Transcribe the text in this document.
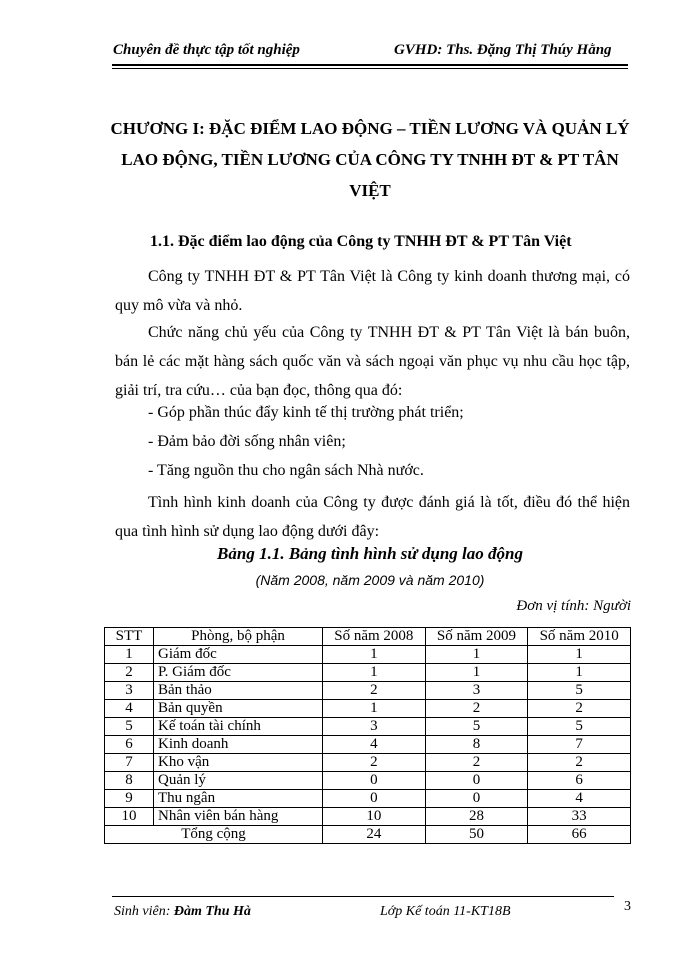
Chuyên đề thực tập tốt nghiệp	GVHD: Ths. Đặng Thị Thúy Hằng
CHƯƠNG I: ĐẶC ĐIỂM LAO ĐỘNG – TIỀN LƯƠNG VÀ QUẢN LÝ LAO ĐỘNG, TIỀN LƯƠNG CỦA CÔNG TY TNHH ĐT & PT TÂN VIỆT
1.1. Đặc điểm lao động của Công ty TNHH ĐT & PT Tân Việt

Công ty TNHH ĐT & PT Tân Việt là Công ty kinh doanh thương mại, có quy mô vừa và nhỏ.

Chức năng chủ yếu của Công ty TNHH ĐT & PT Tân Việt là bán buôn, bán lẻ các mặt hàng sách quốc văn và sách ngoại văn phục vụ nhu cầu học tập, giải trí, tra cứu… của bạn đọc, thông qua đó:

- Góp phần thúc đẩy kinh tế thị trường phát triển;
- Đảm bảo đời sống nhân viên;
- Tăng nguồn thu cho ngân sách Nhà nước.

Tình hình kinh doanh của Công ty được đánh giá là tốt, điều đó thể hiện qua tình hình sử dụng lao động dưới đây:

Bảng 1.1. Bảng tình hình sử dụng lao động
(Năm 2008, năm 2009 và năm 2010)
Đơn vị tính: Người
STT	Phòng, bộ phận	Số năm 2008	Số năm 2009	Số năm 2010
1	Giám đốc	1	1	1
2	P. Giám đốc	1	1	1
3	Bản thảo	2	3	5
4	Bản quyền	1	2	2
5	Kế toán tài chính	3	5	5
6	Kinh doanh	4	8	7
7	Kho vận	2	2	2
8	Quản lý	0	0	6
9	Thu ngân	0	0	4
10	Nhân viên bán hàng	10	28	33
Tổng cộng		24	50	66
Sinh viên: Đàm Thu Hà	Lớp Kế toán 11-KT18B	3
